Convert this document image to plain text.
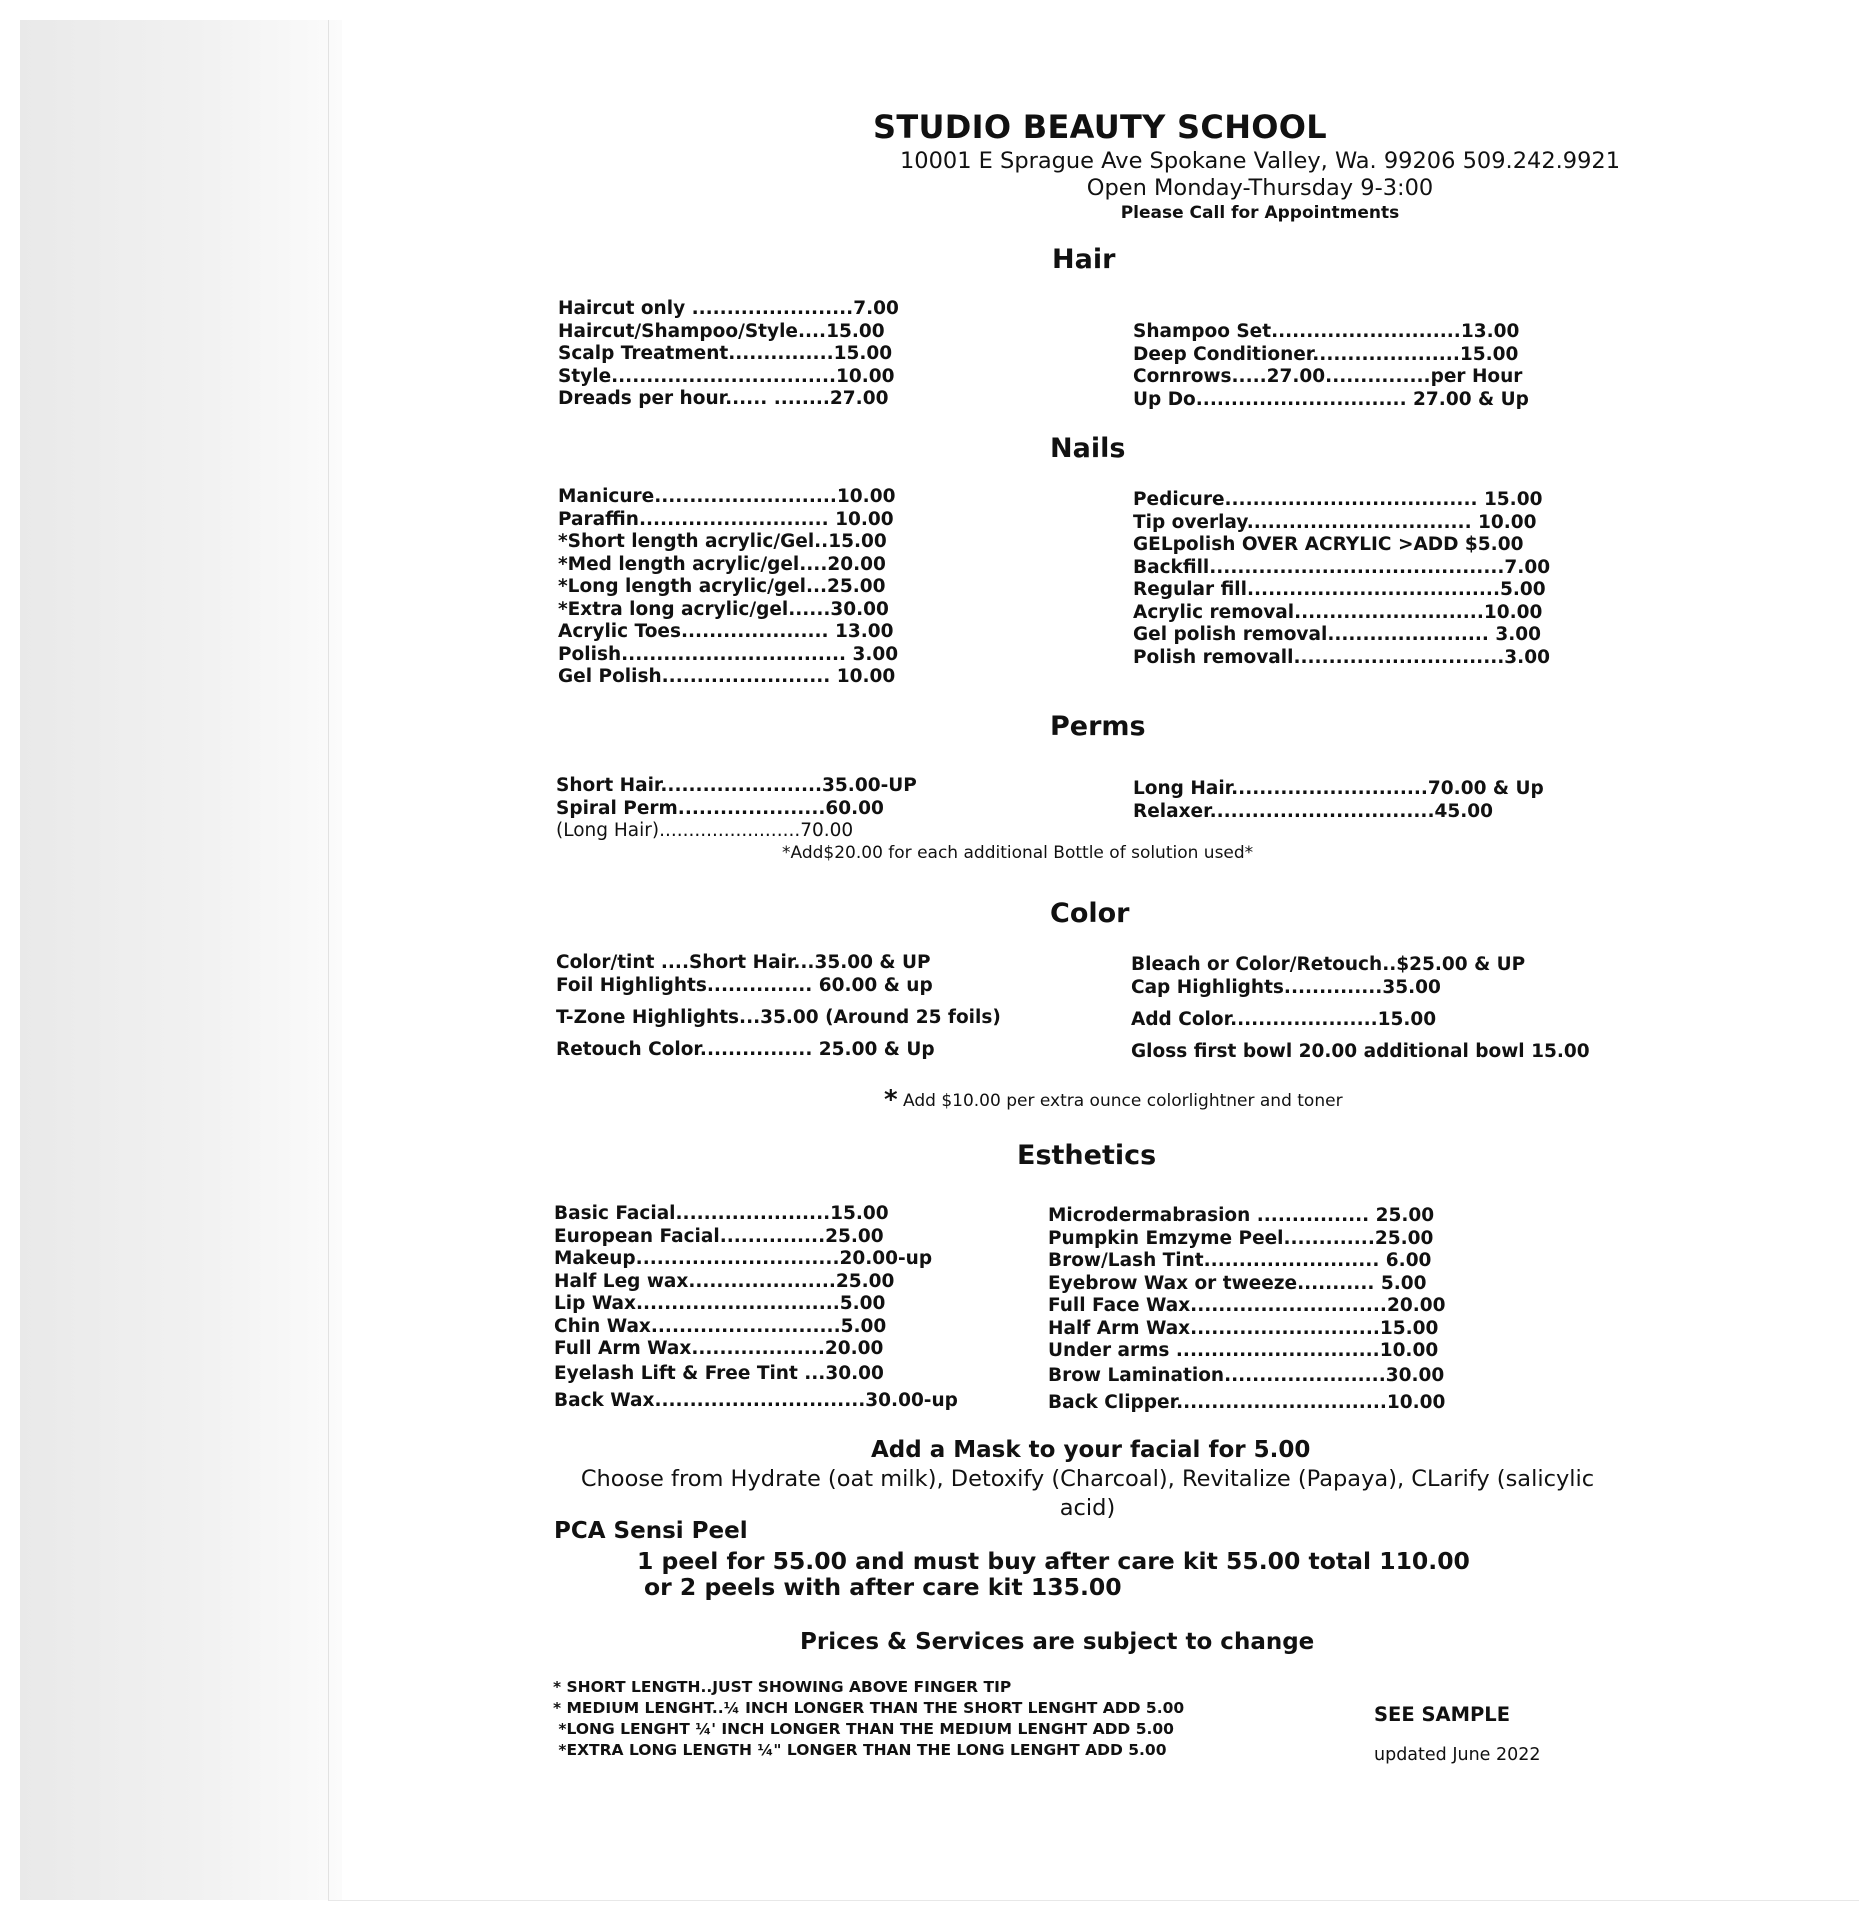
STUDIO BEAUTY SCHOOL
10001 E Sprague Ave Spokane Valley, Wa. 99206 509.242.9921
Open Monday-Thursday 9-3:00
Please Call for Appointments
Hair
Haircut only .......................7.00
Haircut/Shampoo/Style....15.00
Scalp Treatment...............15.00
Style................................10.00
Dreads per hour...... ........27.00
Shampoo Set...........................13.00
Deep Conditioner.....................15.00
Cornrows.....27.00...............per Hour
Up Do.............................. 27.00 & Up
Nails
Manicure..........................10.00
Paraffin........................... 10.00
*Short length acrylic/Gel..15.00
*Med length acrylic/gel....20.00
*Long length acrylic/gel...25.00
*Extra long acrylic/gel......30.00
Acrylic Toes..................... 13.00
Polish................................ 3.00
Gel Polish........................ 10.00
Pedicure.................................... 15.00
Tip overlay................................ 10.00
GELpolish OVER ACRYLIC >ADD $5.00
Backfill..........................................7.00
Regular fill....................................5.00
Acrylic removal...........................10.00
Gel polish removal....................... 3.00
Polish removall..............................3.00
Perms
Short Hair.......................35.00-UP
Spiral Perm.....................60.00
(Long Hair)........................70.00
Long Hair............................70.00 & Up
Relaxer................................45.00
*Add$20.00 for each additional Bottle of solution used*
Color
Color/tint ....Short Hair...35.00 & UP
Foil Highlights............... 60.00 & up
T-Zone Highlights...35.00 (Around 25 foils)
Retouch Color................ 25.00 & Up
Bleach or Color/Retouch..$25.00 & UP
Cap Highlights..............35.00
Add Color.....................15.00
Gloss first bowl 20.00 additional bowl 15.00
* Add $10.00 per extra ounce colorlightner and toner
Esthetics
Basic Facial......................15.00
European Facial...............25.00
Makeup.............................20.00-up
Half Leg wax.....................25.00
Lip Wax.............................5.00
Chin Wax...........................5.00
Full Arm Wax...................20.00
Eyelash Lift & Free Tint ...30.00
Back Wax..............................30.00-up
Microdermabrasion ................ 25.00
Pumpkin Emzyme Peel.............25.00
Brow/Lash Tint......................... 6.00
Eyebrow Wax or tweeze........... 5.00
Full Face Wax............................20.00
Half Arm Wax...........................15.00
Under arms .............................10.00
Brow Lamination.......................30.00
Back Clipper..............................10.00
Add a Mask to your facial for 5.00
Choose from Hydrate (oat milk), Detoxify (Charcoal), Revitalize (Papaya), CLarify (salicylic acid)
PCA Sensi Peel
1 peel for 55.00 and must buy after care kit 55.00 total 110.00
or 2 peels with after care kit 135.00
Prices & Services are subject to change
* SHORT LENGTH..JUST SHOWING ABOVE FINGER TIP
* MEDIUM LENGHT..¼ INCH LONGER THAN THE SHORT LENGHT ADD 5.00
*LONG LENGHT ¼' INCH LONGER THAN THE MEDIUM LENGHT ADD 5.00
*EXTRA LONG LENGTH ¼" LONGER THAN THE LONG LENGHT ADD 5.00
SEE SAMPLE
updated June 2022
